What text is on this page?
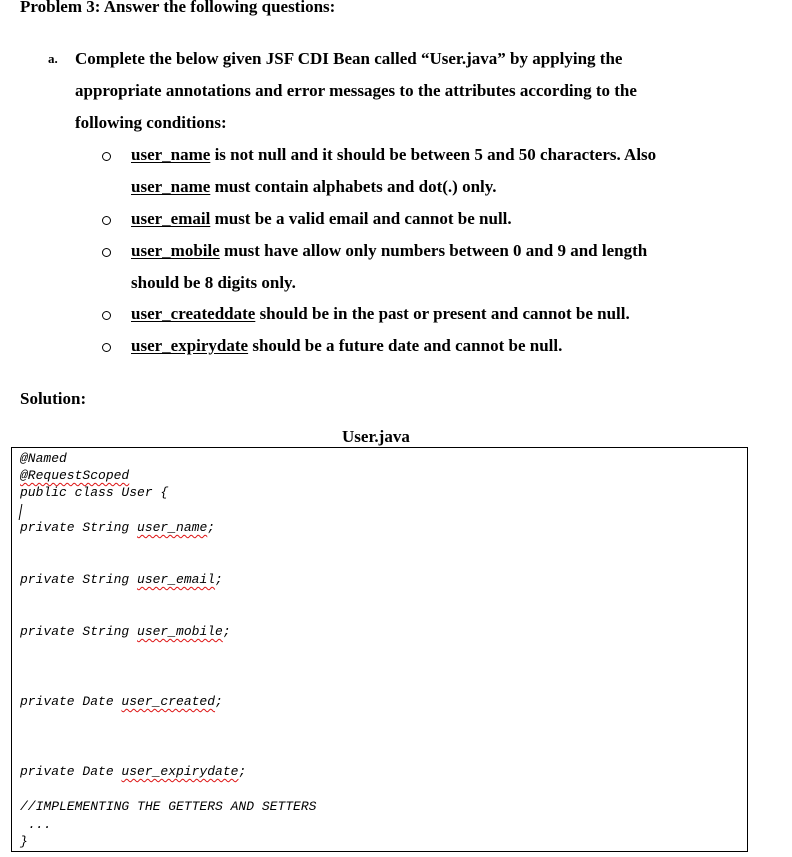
Problem 3: Answer the following questions:
a. Complete the below given JSF CDI Bean called “User.java” by applying the
appropriate annotations and error messages to the attributes according to the
following conditions:
user_name is not null and it should be between 5 and 50 characters. Also
user_name must contain alphabets and dot(.) only.
user_email must be a valid email and cannot be null.
user_mobile must have allow only numbers between 0 and 9 and length
should be 8 digits only.
user_createddate should be in the past or present and cannot be null.
user_expirydate should be a future date and cannot be null.
Solution:
User.java
@Named
@RequestScoped
public class User {
private String user_name;
private String user_email;
private String user_mobile;
private Date user_created;
private Date user_expirydate;
//IMPLEMENTING THE GETTERS AND SETTERS
...
}
